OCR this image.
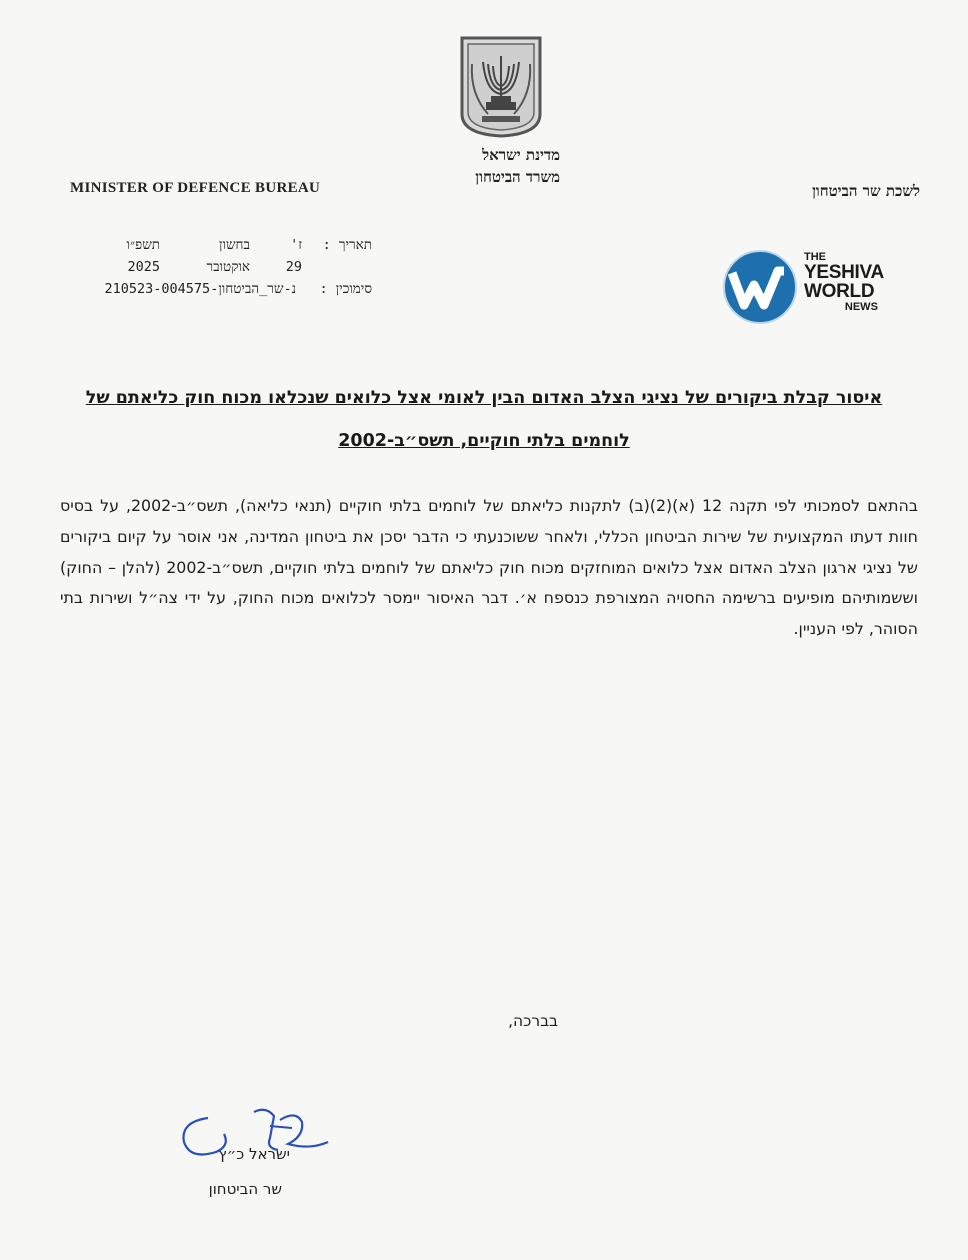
מדינת ישראל
משרד הביטחון
MINISTER OF DEFENCE BUREAU	לשכת שר הביטחון
תאריך :
ז'
בחשון
תשפ״ו
29
אוקטובר
2025
סימוכין :
נ-שר_הביטחון-210523-004575
THE
YESHIVA
WORLD
NEWS
איסור קבלת ביקורים של נציגי הצלב האדום הבין לאומי אצל כלואים שנכלאו מכוח חוק כליאתם של
לוחמים בלתי חוקיים, תשס״ב-2002

בהתאם לסמכותי לפי תקנה 12 (א)(2)(ב) לתקנות כליאתם של לוחמים בלתי חוקיים (תנאי כליאה), תשס״ב-2002, על בסיס חוות דעתו המקצועית של שירות הביטחון הכללי, ולאחר ששוכנעתי כי הדבר יסכן את ביטחון המדינה, אני אוסר על קיום ביקורים של נציגי ארגון הצלב האדום אצל כלואים המוחזקים מכוח חוק כליאתם של לוחמים בלתי חוקיים, תשס״ב-2002 (להלן – החוק) וששמותיהם מופיעים ברשימה החסויה המצורפת כנספח א׳. דבר האיסור יימסר לכלואים מכוח החוק, על ידי צה״ל ושירות בתי הסוהר, לפי העניין.

בברכה,
ישראל כ״ץ
שר הביטחון
